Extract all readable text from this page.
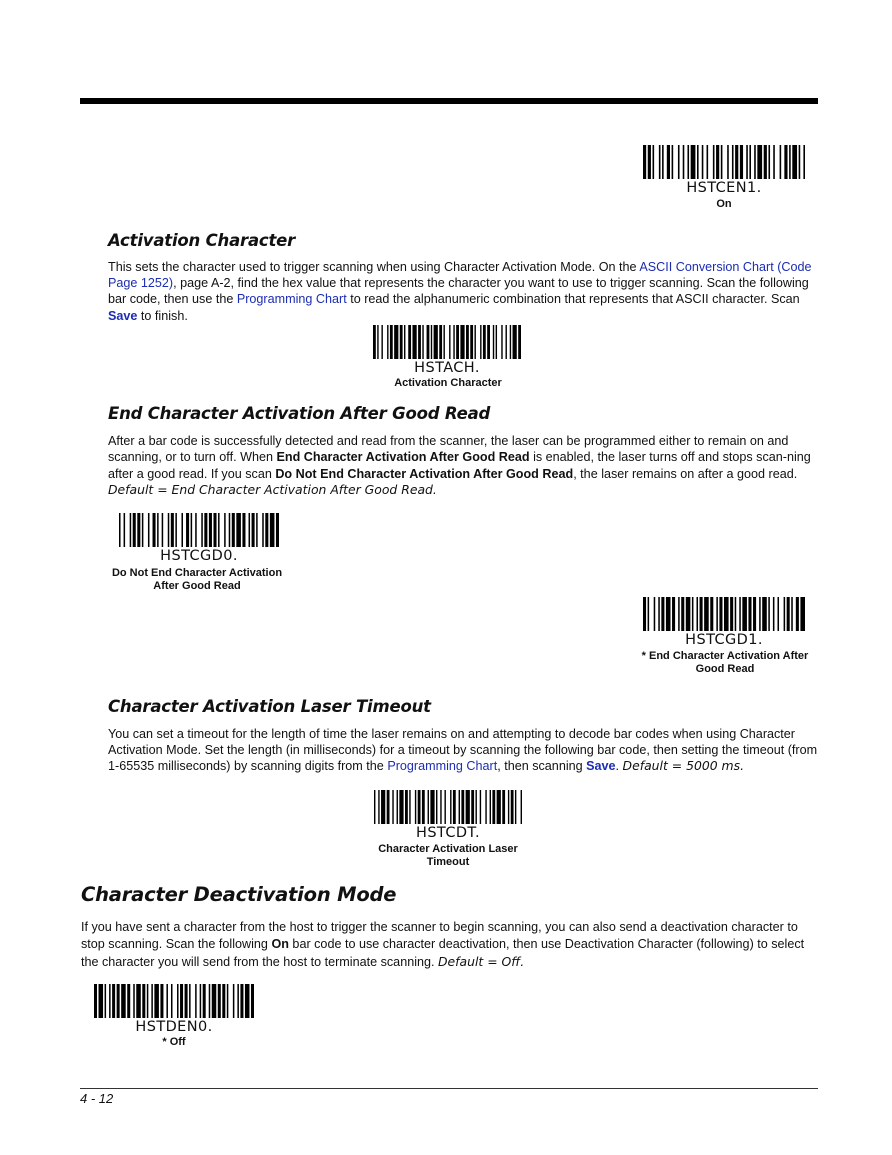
HSTCEN1.
On
Activation Character
This sets the character used to trigger scanning when using Character Activation Mode. On the ASCII Conversion Chart (Code Page 1252), page A-2, find the hex value that represents the character you want to use to trigger scanning. Scan the following bar code, then use the Programming Chart to read the alphanumeric combination that represents that ASCII character. Scan Save to finish.
HSTACH.
Activation Character
End Character Activation After Good Read
After a bar code is successfully detected and read from the scanner, the laser can be programmed either to remain on and scanning, or to turn off. When End Character Activation After Good Read is enabled, the laser turns off and stops scan-ning after a good read. If you scan Do Not End Character Activation After Good Read, the laser remains on after a good read. Default = End Character Activation After Good Read.
HSTCGD0.
Do Not End Character Activation After Good Read
HSTCGD1.
* End Character Activation After Good Read
Character Activation Laser Timeout
You can set a timeout for the length of time the laser remains on and attempting to decode bar codes when using Character Activation Mode. Set the length (in milliseconds) for a timeout by scanning the following bar code, then setting the timeout (from 1-65535 milliseconds) by scanning digits from the Programming Chart, then scanning Save. Default = 5000 ms.
HSTCDT.
Character Activation Laser Timeout
Character Deactivation Mode
If you have sent a character from the host to trigger the scanner to begin scanning, you can also send a deactivation character to stop scanning. Scan the following On bar code to use character deactivation, then use Deactivation Character (following) to select the character you will send from the host to terminate scanning. Default = Off.
HSTDEN0.
* Off
4 - 12
